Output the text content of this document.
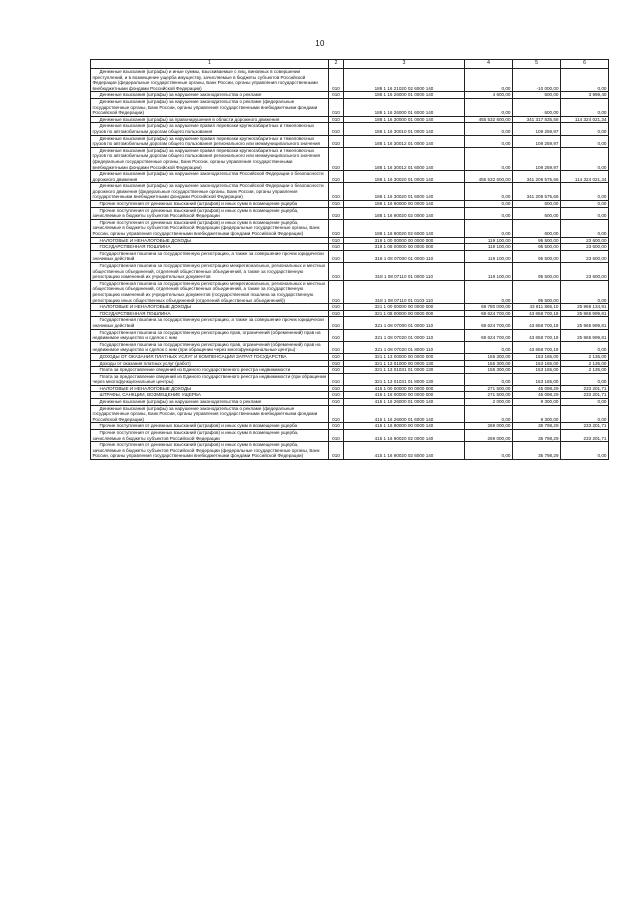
10
1	2	3	4	5	6
Денежные взыскания (штрафы) и иные суммы, взыскиваемые с лиц, виновных в совершении преступлений, и в возмещение ущерба имуществу, зачисляемые в бюджеты субъектов Российской Федерации (федеральные государственные органы, Банк России, органы управления государственными внебюджетными фондами Российской Федерации)	010	188 1 16 21020 02 6000 140	0,00	-10 000,00	0,00
Денежные взыскания (штрафы) за нарушение законодательства о рекламе	010	188 1 16 26000 01 0000 140	4 600,00	600,00	3 999,40
Денежные взыскания (штрафы) за нарушение законодательства о рекламе (федеральные государственные органы, Банк России, органы управления государственными внебюджетными фондами Российской Федерации)	010	188 1 16 26000 01 6000 140	0,00	600,00	0,00
Денежные взыскания (штрафы) за правонарушения в области дорожного движения	010	188 1 16 30000 01 0000 140	455 532 600,00	341 317 835,58	114 324 021,34
Денежные взыскания (штрафы) за нарушение правил перевозки крупногабаритных и тяжеловесных грузов по автомобильным дорогам общего пользования	010	188 1 16 30010 01 0000 140	0,00	109 259,97	0,00
Денежные взыскания (штрафы) за нарушение правил перевозки крупногабаритных и тяжеловесных грузов по автомобильным дорогам общего пользования регионального или межмуниципального значения	010	188 1 16 30012 01 0000 140	0,00	109 259,97	0,00
Денежные взыскания (штрафы) за нарушение правил перевозки крупногабаритных и тяжеловесных грузов по автомобильным дорогам общего пользования регионального или межмуниципального значения (федеральные государственные органы, Банк России, органы управления государственными внебюджетными фондами Российской Федерации)	010	188 1 16 30012 01 6000 140	0,00	109 259,97	0,00
Денежные взыскания (штрафы) за нарушение законодательства Российской Федерации о безопасности дорожного движения	010	188 1 16 30020 01 0000 140	455 532 600,00	341 208 575,66	114 324 021,34
Денежные взыскания (штрафы) за нарушение законодательства Российской Федерации о безопасности дорожного движения (федеральные государственные органы, Банк России, органы управления государственными внебюджетными фондами Российской Федерации)	010	188 1 16 30020 01 6000 140	0,00	341 208 575,66	0,00
Прочие поступления от денежных взысканий (штрафов) и иных сумм в возмещение ущерба	010	188 1 16 90000 00 0000 140	0,00	600,00	0,00
Прочие поступления от денежных взысканий (штрафов) и иных сумм в возмещение ущерба, зачисляемые в бюджеты субъектов Российской Федерации	010	188 1 16 90020 02 0000 140	0,00	600,00	0,00
Прочие поступления от денежных взысканий (штрафов) и иных сумм в возмещение ущерба, зачисляемые в бюджеты субъектов Российской Федерации (федеральные государственные органы, Банк России, органы управления государственными внебюджетными фондами Российской Федерации)	010	188 1 16 90020 02 6000 140	0,00	600,00	0,00
НАЛОГОВЫЕ И НЕНАЛОГОВЫЕ ДОХОДЫ	010	318 1 00 00000 00 0000 000	119 100,00	95 500,00	23 600,00
ГОСУДАРСТВЕННАЯ ПОШЛИНА	010	318 1 08 00000 00 0000 000	119 100,00	95 500,00	23 600,00
Государственная пошлина за государственную регистрацию, а также за совершение прочих юридически значимых действий	010	318 1 08 07000 01 0000 110	119 100,00	95 500,00	23 600,00
Государственная пошлина за государственную регистрацию межрегиональных, региональных и местных общественных объединений, отделений общественных объединений, а также за государственную регистрацию изменений их учредительных документов	010	318 1 08 07110 01 0000 110	119 100,00	95 500,00	23 600,00
Государственная пошлина за государственную регистрацию межрегиональных, региональных и местных общественных объединений, отделений общественных объединений, а также за государственную регистрацию изменений их учредительных документов (государственная пошлина за государственную регистрацию иных общественных объединений (отделений общественных объединений))	010	318 1 08 07110 01 0103 110	0,00	95 500,00	0,00
НАЛОГОВЫЕ И НЕНАЛОГОВЫЕ ДОХОДЫ	010	321 1 00 00000 00 0000 000	69 780 000,00	43 811 865,10	25 968 134,91
ГОСУДАРСТВЕННАЯ ПОШЛИНА	010	321 1 08 00000 00 0000 000	69 624 700,00	43 658 700,19	25 965 999,81
Государственная пошлина за государственную регистрацию, а также за совершение прочих юридически значимых действий	010	321 1 08 07000 01 0000 110	69 624 700,00	43 658 700,19	25 965 999,81
Государственная пошлина за государственную регистрацию прав, ограничений (обременений) прав на недвижимое имущество и сделок с ним	010	321 1 08 07020 01 0000 110	69 624 700,00	43 658 700,19	25 965 999,81
Государственная пошлина за государственную регистрацию прав, ограничений (обременений) прав на недвижимое имущество и сделок с ним (при обращении через многофункциональные центры)	010	321 1 08 07020 01 8000 110	0,00	43 658 700,19	0,00
ДОХОДЫ ОТ ОКАЗАНИЯ ПЛАТНЫХ УСЛУГ И КОМПЕНСАЦИИ ЗАТРАТ ГОСУДАРСТВА	010	321 1 13 00000 00 0000 000	155 300,00	153 165,00	2 135,00
Доходы от оказания платных услуг (работ)	010	321 1 13 01000 00 0000 130	155 300,00	153 165,00	2 135,00
Плата за предоставление сведений из Единого государственного реестра недвижимости	010	321 1 13 01031 01 0000 130	155 300,00	153 165,00	2 135,00
Плата за предоставление сведений из Единого государственного реестра недвижимости (при обращении через многофункциональные центры)	010	321 1 13 01031 01 8000 130	0,00	153 165,00	0,00
НАЛОГОВЫЕ И НЕНАЛОГОВЫЕ ДОХОДЫ	010	415 1 00 00000 00 0000 000	271 500,00	45 098,29	233 201,71
ШТРАФЫ, САНКЦИИ, ВОЗМЕЩЕНИЕ УЩЕРБА	010	415 1 16 00000 00 0000 000	271 500,00	45 098,29	233 201,71
Денежные взыскания (штрафы) за нарушение законодательства о рекламе	010	415 1 16 26000 01 0000 140	2 000,00	9 300,00	0,00
Денежные взыскания (штрафы) за нарушение законодательства о рекламе (федеральные государственные органы, Банк России, органы управления государственными внебюджетными фондами Российской Федерации)	010	415 1 16 26000 01 6000 140	0,00	9 300,00	0,00
Прочие поступления от денежных взысканий (штрафов) и иных сумм в возмещение ущерба	010	415 1 16 90000 00 0000 140	269 000,00	35 798,29	233 201,71
Прочие поступления от денежных взысканий (штрафов) и иных сумм в возмещение ущерба, зачисляемые в бюджеты субъектов Российской Федерации	010	415 1 16 90020 02 0000 140	269 000,00	35 798,29	233 201,71
Прочие поступления от денежных взысканий (штрафов) и иных сумм в возмещение ущерба, зачисляемые в бюджеты субъектов Российской Федерации (федеральные государственные органы, Банк России, органы управления государственными внебюджетными фондами Российской Федерации)	010	415 1 16 90020 02 6000 140	0,00	35 798,29	0,00
